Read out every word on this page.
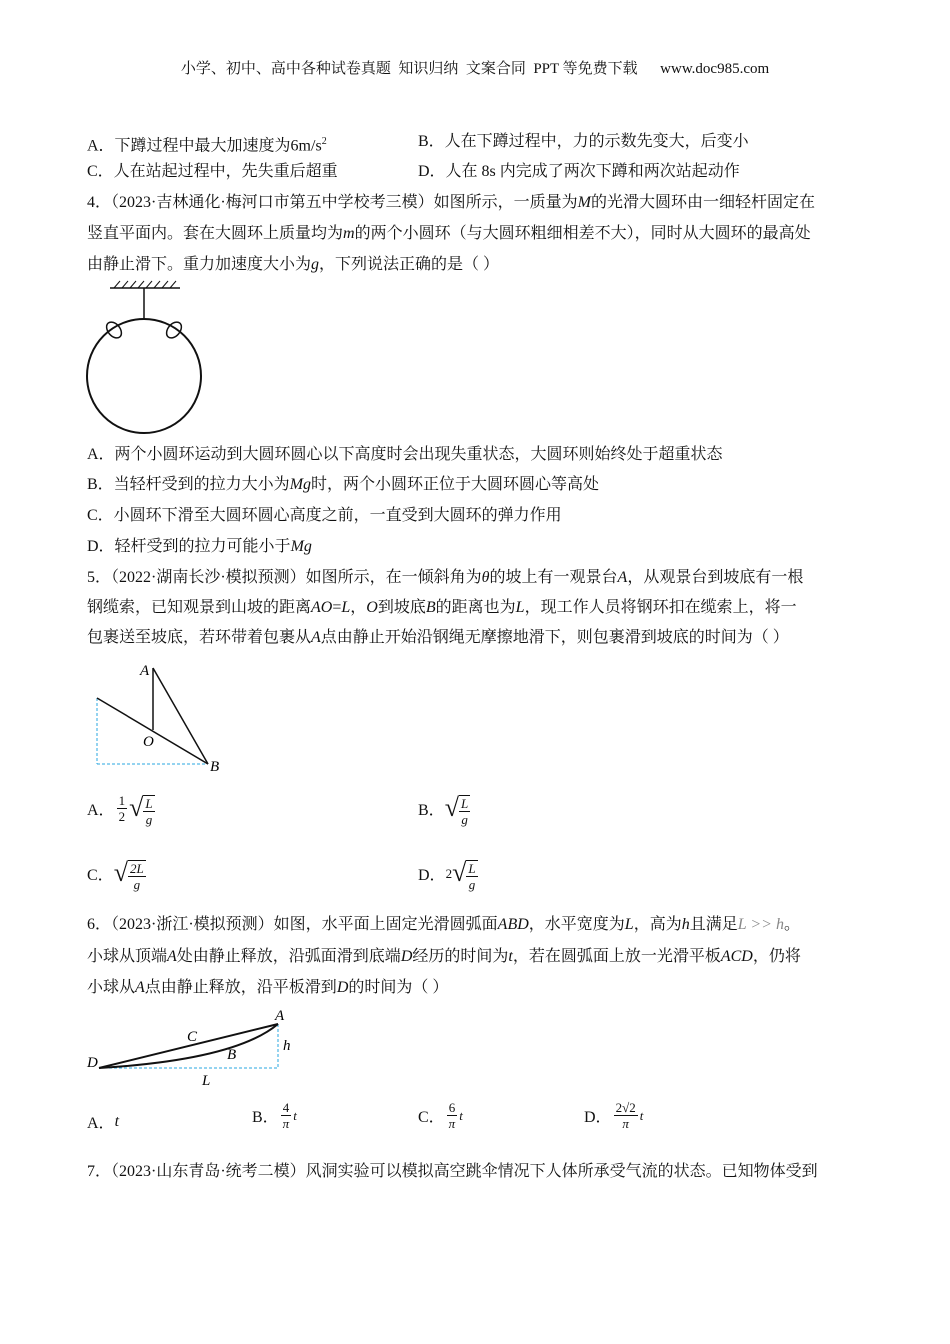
小学、初中、高中各种试卷真题  知识归纳  文案合同  PPT 等免费下载 www.doc985.com
A．下蹲过程中最大加速度为$6m/s^2$	B．人在下蹲过程中，力的示数先变大，后变小
C．人在站起过程中，先失重后超重	D．人在 8s 内完成了两次下蹲和两次站起动作
4．（2023·吉林通化·梅河口市第五中学校考三模）如图所示，一质量为M的光滑大圆环由一细轻杆固定在
竖直平面内。套在大圆环上质量均为m的两个小圆环（与大圆环粗细相差不大），同时从大圆环的最高处
由静止滑下。重力加速度大小为g，下列说法正确的是（ ）
A．两个小圆环运动到大圆环圆心以下高度时会出现失重状态，大圆环则始终处于超重状态
B．当轻杆受到的拉力大小为Mg时，两个小圆环正位于大圆环圆心等高处
C．小圆环下滑至大圆环圆心高度之前，一直受到大圆环的弹力作用
D．轻杆受到的拉力可能小于Mg
5．（2022·湖南长沙·模拟预测）如图所示，在一倾斜角为θ的坡上有一观景台A，从观景台到坡底有一根
钢缆索，已知观景到山坡的距离AO=L，O到坡底B的距离也为L，现工作人员将钢环扣在缆索上，将一
包裹送至坡底，若环带着包裹从A点由静止开始沿钢绳无摩擦地滑下，则包裹滑到坡底的时间为（ ）
6．（2023·浙江·模拟预测）如图，水平面上固定光滑圆弧面ABD，水平宽度为L，高为h且满足L >> h。
小球从顶端A处由静止释放，沿弧面滑到底端D经历的时间为t，若在圆弧面上放一光滑平板ACD，仍将
小球从A点由静止释放，沿平板滑到D的时间为（ ）
7．（2023·山东青岛·统考二模）风洞实验可以模拟高空跳伞情况下人体所承受气流的状态。已知物体受到
A
O
B
A． $\frac{1}{2}$ √ $\frac{L}{g}$	B． √ $\frac{L}{g}$
C． √ $\frac{2L}{g}$	D． 2 √ $\frac{L}{g}$
A
C
B
D
h
L
A． t	B． $\frac{4}{\pi}$ t	C． $\frac{6}{\pi}$ t	D． $\frac{2√2}{\pi}$ t
